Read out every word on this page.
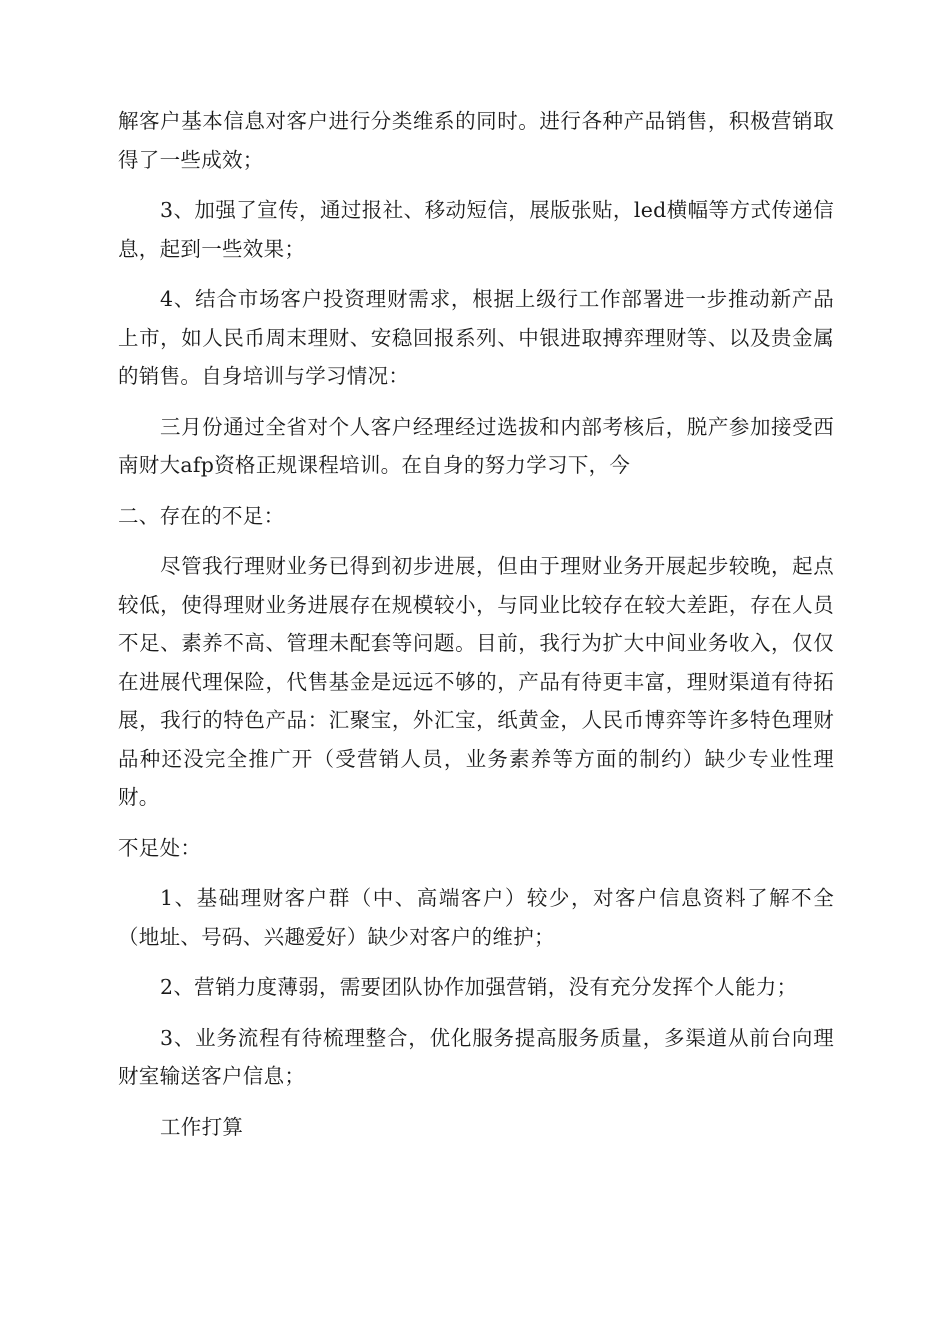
解客户基本信息对客户进行分类维系的同时。进行各种产品销售，积极营销取得了一些成效；

3、加强了宣传，通过报社、移动短信，展版张贴，led横幅等方式传递信息，起到一些效果；

4、结合市场客户投资理财需求，根据上级行工作部署进一步推动新产品上市，如人民币周末理财、安稳回报系列、中银进取搏弈理财等、以及贵金属的销售。自身培训与学习情况：

三月份通过全省对个人客户经理经过选拔和内部考核后，脱产参加接受西南财大afp资格正规课程培训。在自身的努力学习下，今

二、存在的不足：

尽管我行理财业务已得到初步进展，但由于理财业务开展起步较晚，起点较低，使得理财业务进展存在规模较小，与同业比较存在较大差距，存在人员不足、素养不高、管理未配套等问题。目前，我行为扩大中间业务收入，仅仅在进展代理保险，代售基金是远远不够的，产品有待更丰富，理财渠道有待拓展，我行的特色产品：汇聚宝，外汇宝，纸黄金，人民币博弈等许多特色理财品种还没完全推广开（受营销人员，业务素养等方面的制约）缺少专业性理财。

不足处：

1、基础理财客户群（中、高端客户）较少，对客户信息资料了解不全（地址、号码、兴趣爱好）缺少对客户的维护；

2、营销力度薄弱，需要团队协作加强营销，没有充分发挥个人能力；

3、业务流程有待梳理整合，优化服务提高服务质量，多渠道从前台向理财室输送客户信息；

工作打算
